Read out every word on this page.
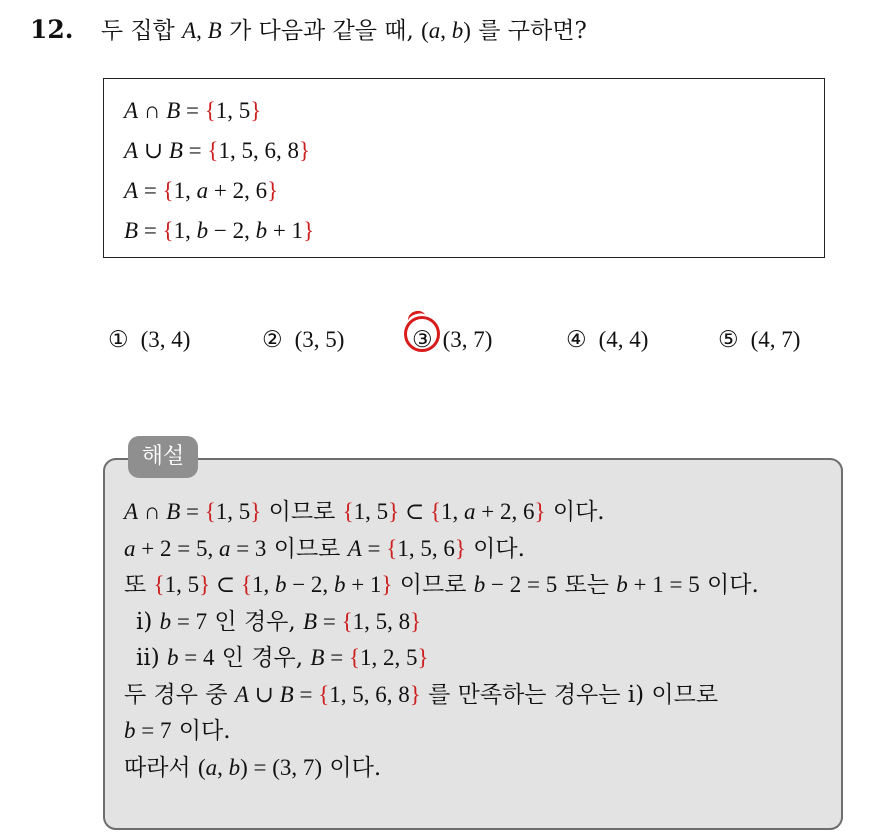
12. 두 집합 A, B 가 다음과 같을 때, (a, b) 를 구하면?
A ∩ B = {1, 5}
A ∪ B = {1, 5, 6, 8}
A = {1, a + 2, 6}
B = {1, b − 2, b + 1}
① (3, 4)	② (3, 5)	③ (3, 7)	④ (4, 4)	⑤ (4, 7)
해설
A ∩ B = {1, 5} 이므로 {1, 5} ⊂ {1, a + 2, 6} 이다.
a + 2 = 5, a = 3 이므로 A = {1, 5, 6} 이다.
또 {1, 5} ⊂ {1, b − 2, b + 1} 이므로 b − 2 = 5 또는 b + 1 = 5 이다.
ⅰ) b = 7 인 경우, B = {1, 5, 8}
ⅱ) b = 4 인 경우, B = {1, 2, 5}
두 경우 중 A ∪ B = {1, 5, 6, 8} 를 만족하는 경우는 ⅰ) 이므로
b = 7 이다.
따라서 (a, b) = (3, 7) 이다.
